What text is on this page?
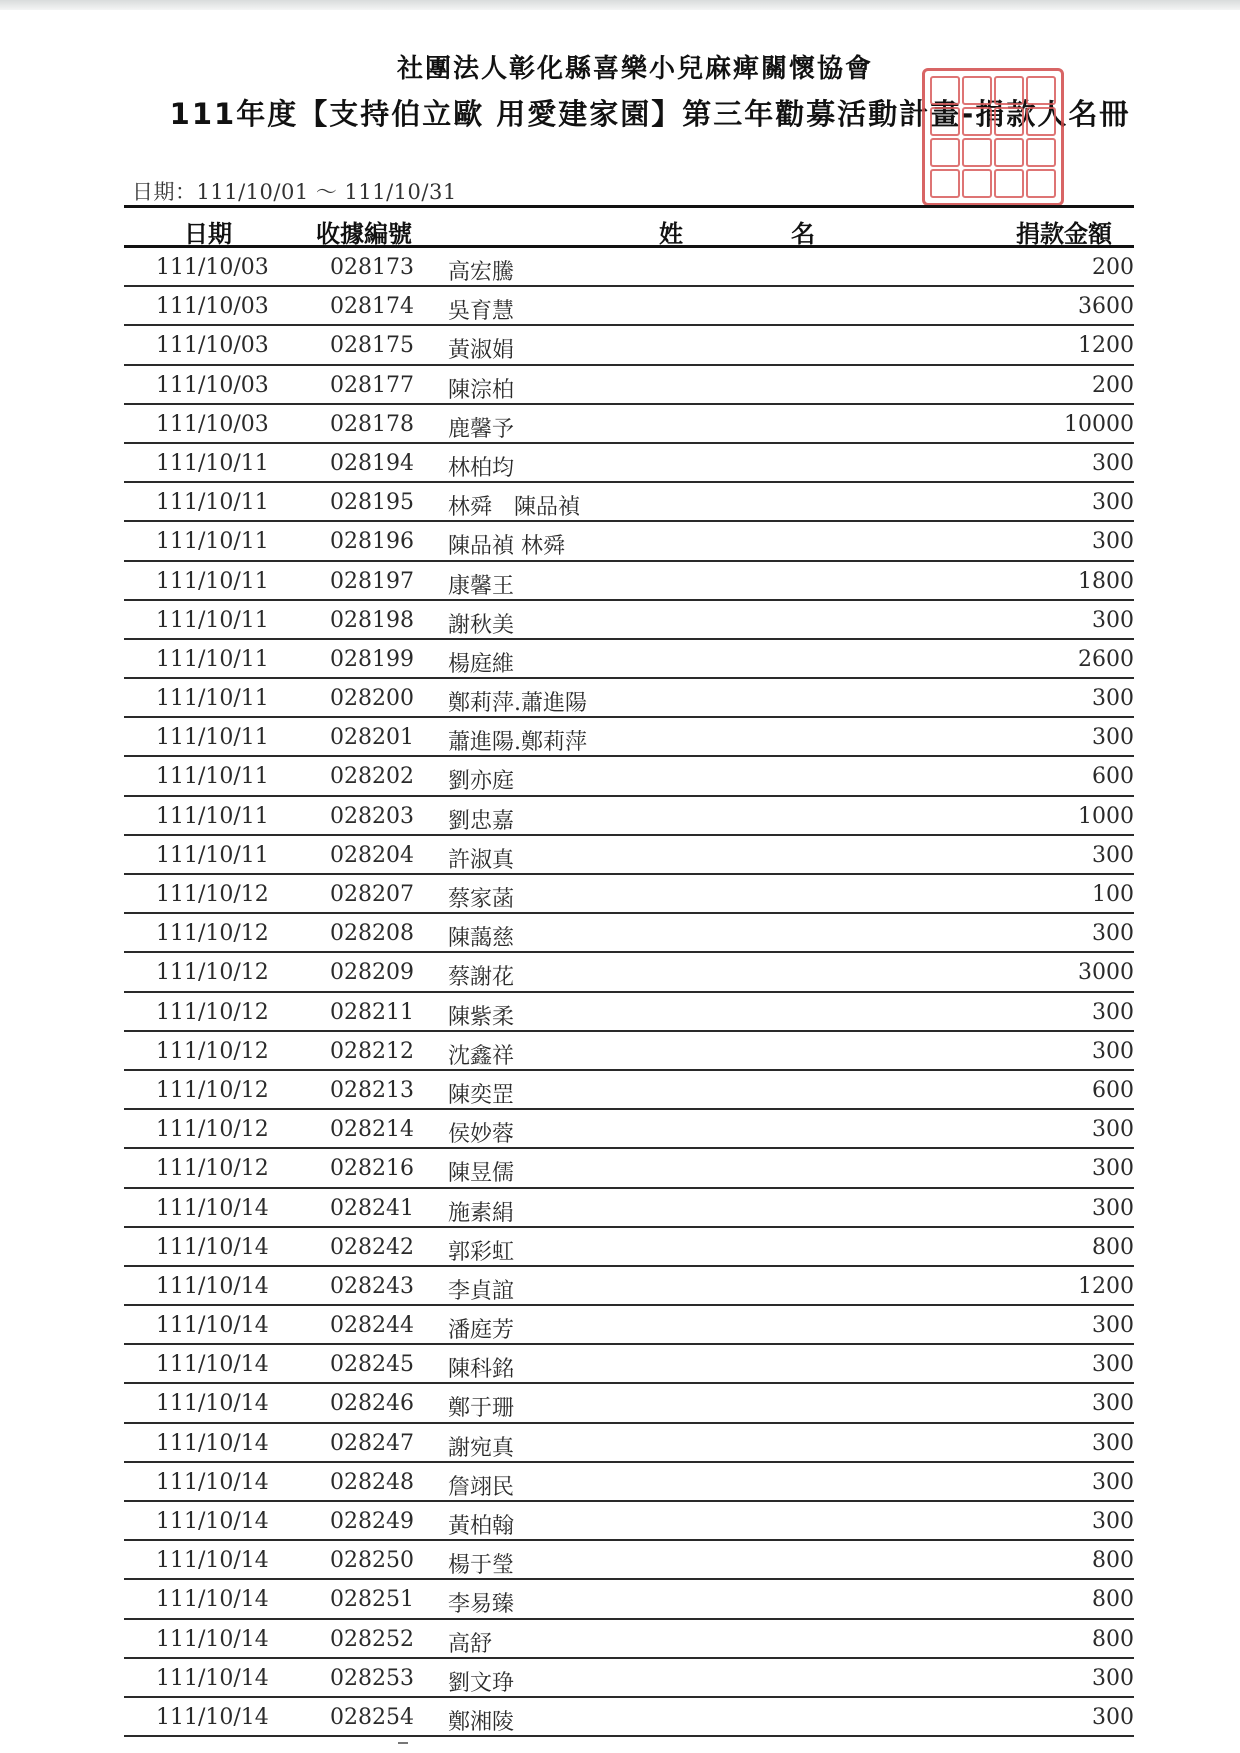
社團法人彰化縣喜樂小兒麻痺關懷協會
111年度【支持伯立歐 用愛建家園】第三年勸募活動計畫-捐款人名冊
日期：111/10/01 ～ 111/10/31
日期	收據編號	姓　名	捐款金額
111/10/03	028173 高宏騰	200
111/10/03	028174 吳育慧	3600
111/10/03	028175 黃淑娟	1200
111/10/03	028177 陳淙柏	200
111/10/03	028178 鹿馨予	10000
111/10/11	028194 林柏均	300
111/10/11	028195 林舜　陳品禎	300
111/10/11	028196 陳品禎 林舜	300
111/10/11	028197 康馨王	1800
111/10/11	028198 謝秋美	300
111/10/11	028199 楊庭維	2600
111/10/11	028200 鄭莉萍.蕭進陽	300
111/10/11	028201 蕭進陽.鄭莉萍	300
111/10/11	028202 劉亦庭	600
111/10/11	028203 劉忠嘉	1000
111/10/11	028204 許淑真	300
111/10/12	028207 蔡家菡	100
111/10/12	028208 陳藹慈	300
111/10/12	028209 蔡謝花	3000
111/10/12	028211 陳紫柔	300
111/10/12	028212 沈鑫祥	300
111/10/12	028213 陳奕罡	600
111/10/12	028214 侯妙蓉	300
111/10/12	028216 陳昱儒	300
111/10/14	028241 施素絹	300
111/10/14	028242 郭彩虹	800
111/10/14	028243 李貞誼	1200
111/10/14	028244 潘庭芳	300
111/10/14	028245 陳科銘	300
111/10/14	028246 鄭于珊	300
111/10/14	028247 謝宛真	300
111/10/14	028248 詹翊民	300
111/10/14	028249 黃柏翰	300
111/10/14	028250 楊于瑩	800
111/10/14	028251 李易臻	800
111/10/14	028252 高舒	800
111/10/14	028253 劉文琤	300
111/10/14	028254 鄭湘陵	300
